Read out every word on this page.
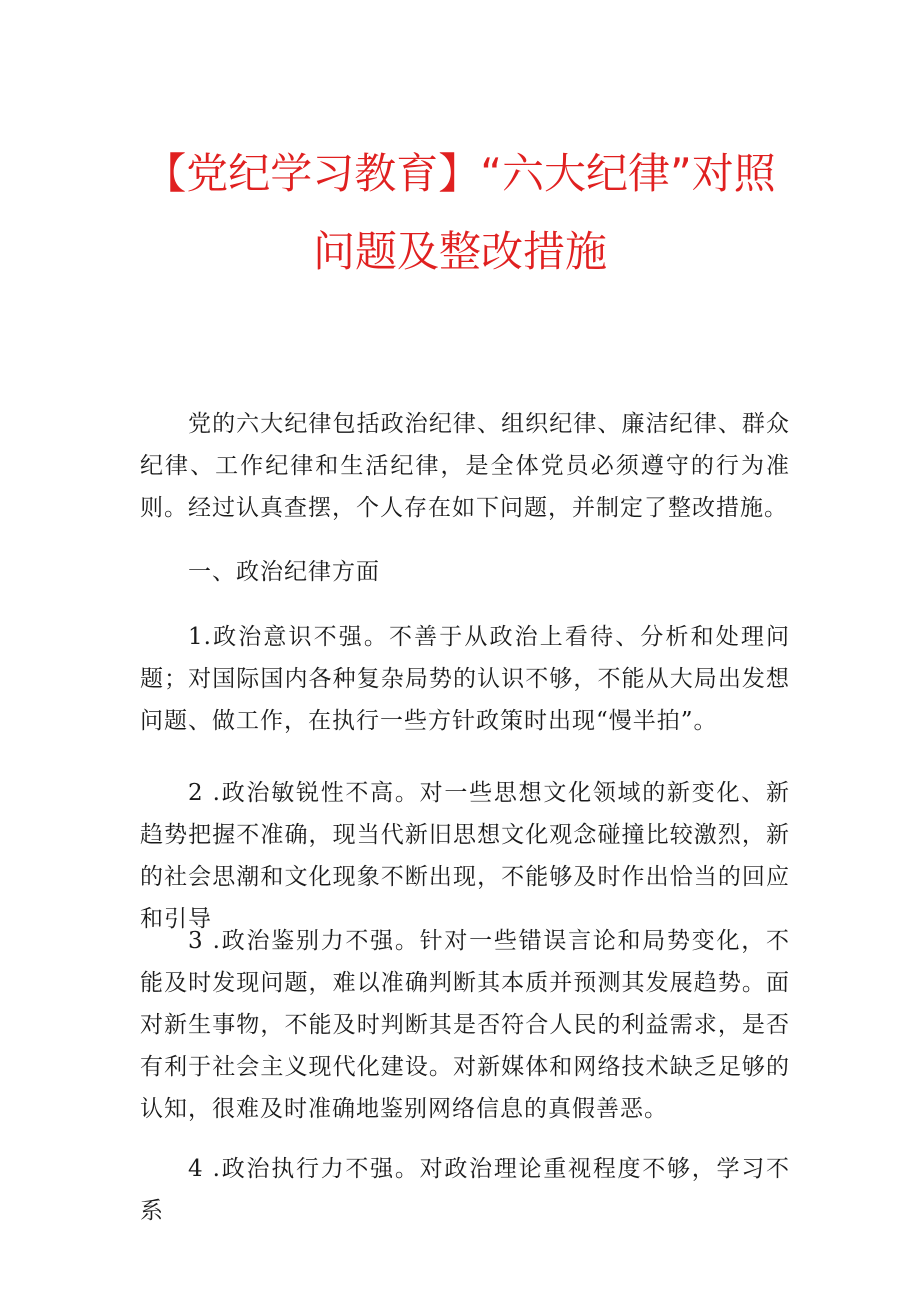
【党纪学习教育】“六大纪律”对照
问题及整改措施

党的六大纪律包括政治纪律、组织纪律、廉洁纪律、群众纪律、工作纪律和生活纪律，是全体党员必须遵守的行为准则。经过认真查摆，个人存在如下问题，并制定了整改措施。

一、政治纪律方面

1.政治意识不强。不善于从政治上看待、分析和处理问题；对国际国内各种复杂局势的认识不够，不能从大局出发想问题、做工作，在执行一些方针政策时出现“慢半拍”。

2 .政治敏锐性不高。对一些思想文化领域的新变化、新趋势把握不准确，现当代新旧思想文化观念碰撞比较激烈，新的社会思潮和文化现象不断出现，不能够及时作出恰当的回应和引导

3 .政治鉴别力不强。针对一些错误言论和局势变化，不能及时发现问题，难以准确判断其本质并预测其发展趋势。面对新生事物，不能及时判断其是否符合人民的利益需求，是否有利于社会主义现代化建设。对新媒体和网络技术缺乏足够的认知，很难及时准确地鉴别网络信息的真假善恶。

4 .政治执行力不强。对政治理论重视程度不够，学习不系
